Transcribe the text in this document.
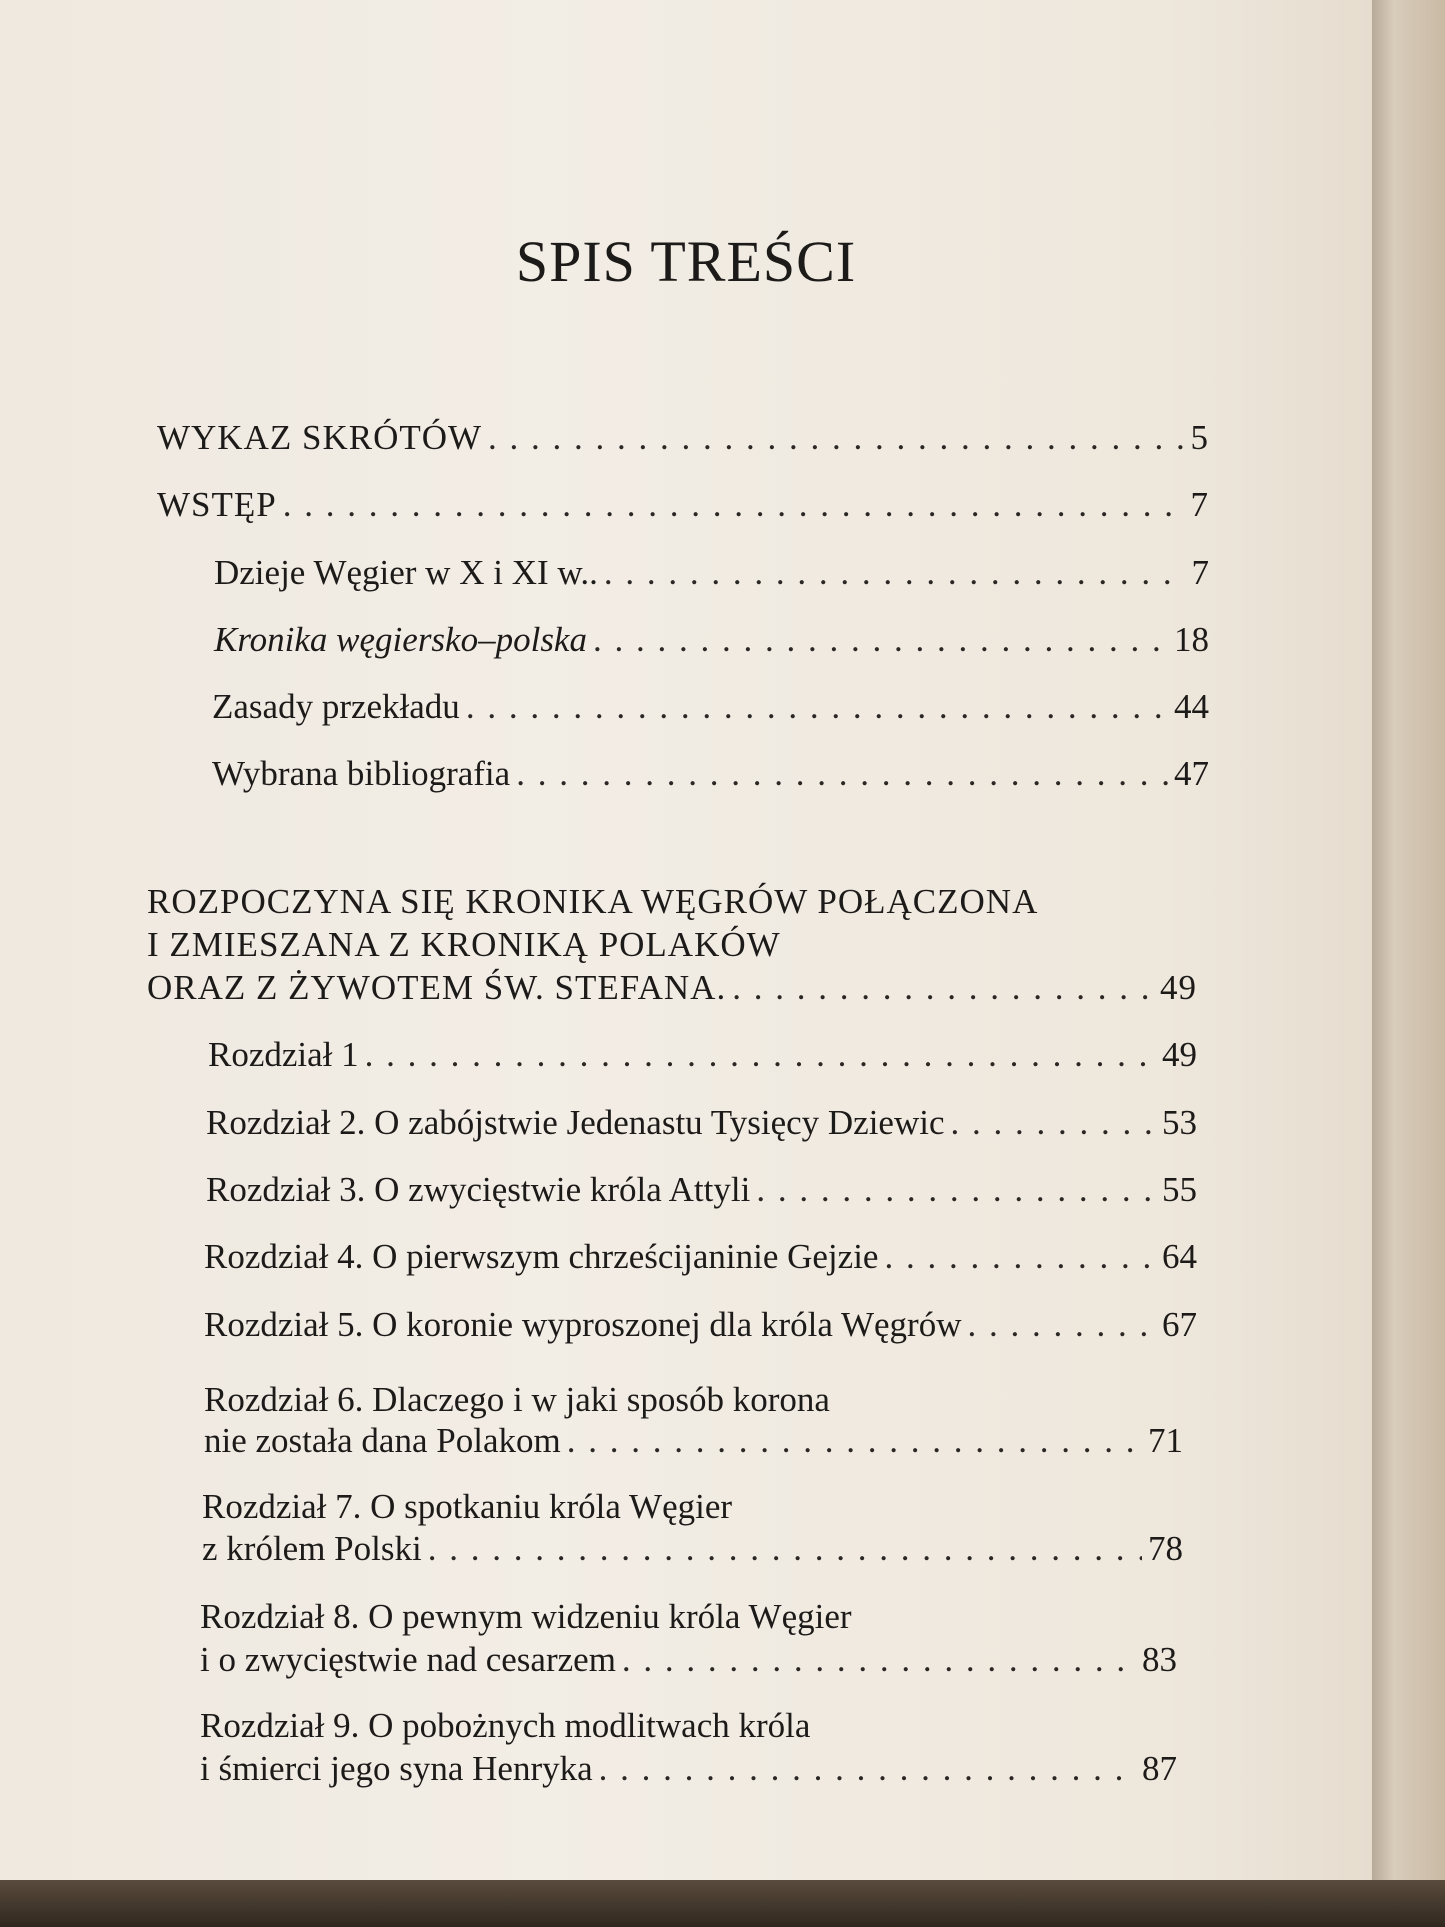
SPIS TREŚCI
WYKAZ SKRÓTÓW . . .	5
WSTĘP . . .	7
Dzieje Węgier w X i XI w.. . . .	7
Kronika węgiersko–polska . . .	18
Zasady przekładu . . .	44
Wybrana bibliografia . . .	47
ROZPOCZYNA SIĘ KRONIKA WĘGRÓW POŁĄCZONA
I ZMIESZANA Z KRONIKĄ POLAKÓW
ORAZ Z ŻYWOTEM ŚW. STEFANA. . . .	49
Rozdział 1 . . .	49
Rozdział 2. O zabójstwie Jedenastu Tysięcy Dziewic . . .	53
Rozdział 3. O zwycięstwie króla Attyli . . .	55
Rozdział 4. O pierwszym chrześcijaninie Gejzie . . .	64
Rozdział 5. O koronie wyproszonej dla króla Węgrów . . .	67
Rozdział 6. Dlaczego i w jaki sposób korona
nie została dana Polakom . . .	71
Rozdział 7. O spotkaniu króla Węgier
z królem Polski . . .	78
Rozdział 8. O pewnym widzeniu króla Węgier
i o zwycięstwie nad cesarzem . . .	83
Rozdział 9. O pobożnych modlitwach króla
i śmierci jego syna Henryka . . .	87
